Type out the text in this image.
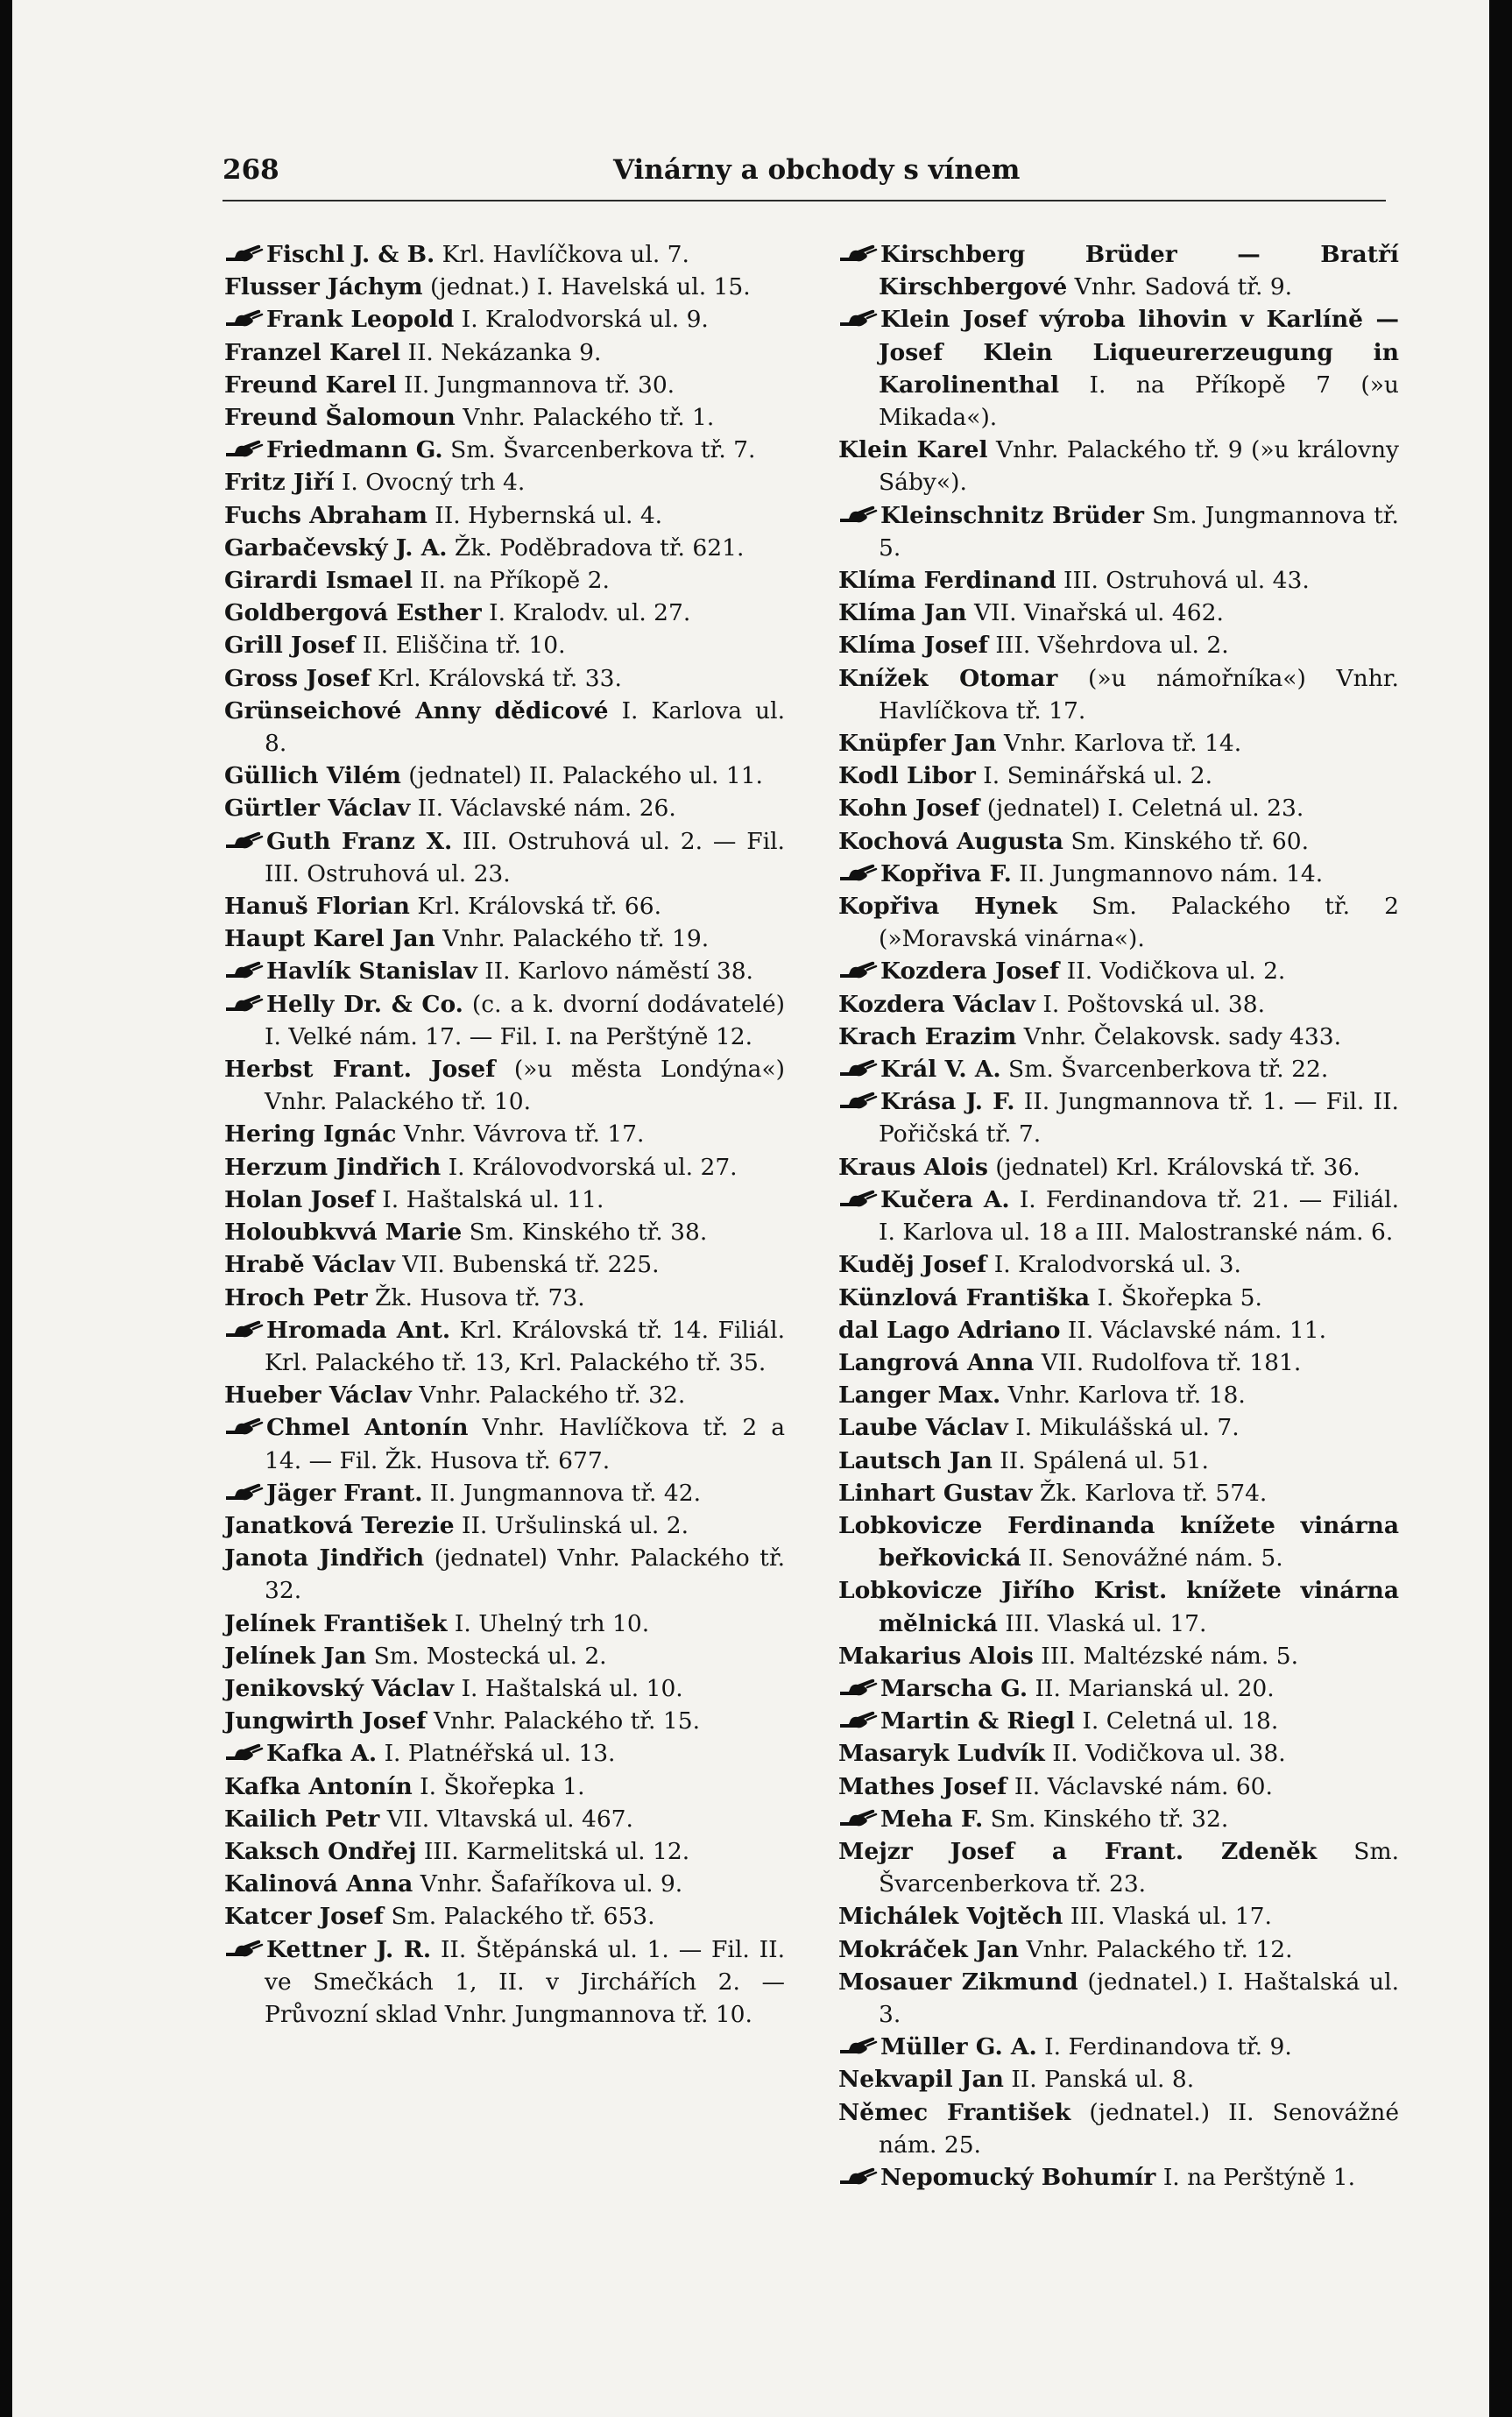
268	Vinárny a obchody s vínem

Fischl J. & B. Krl. Havlíčkova ul. 7.

Flusser Jáchym (jednat.) I. Havelská ul. 15.

Frank Leopold I. Kralodvorská ul. 9.

Franzel Karel II. Nekázanka 9.

Freund Karel II. Jungmannova tř. 30.

Freund Šalomoun Vnhr. Palackého tř. 1.

Friedmann G. Sm. Švarcenberkova tř. 7.

Fritz Jiří I. Ovocný trh 4.

Fuchs Abraham II. Hybernská ul. 4.

Garbačevský J. A. Žk. Poděbradova tř. 621.

Girardi Ismael II. na Příkopě 2.

Goldbergová Esther I. Kralodv. ul. 27.

Grill Josef II. Eliščina tř. 10.

Gross Josef Krl. Královská tř. 33.

Grünseichové Anny dědicové I. Karlova ul. 8.

Güllich Vilém (jednatel) II. Palackého ul. 11.

Gürtler Václav II. Václavské nám. 26.

Guth Franz X. III. Ostruhová ul. 2. — Fil. III. Ostruhová ul. 23.

Hanuš Florian Krl. Královská tř. 66.

Haupt Karel Jan Vnhr. Palackého tř. 19.

Havlík Stanislav II. Karlovo náměstí 38.

Helly Dr. & Co. (c. a k. dvorní dodávatelé) I. Velké nám. 17. — Fil. I. na Perštýně 12.

Herbst Frant. Josef (»u města Londýna«) Vnhr. Palackého tř. 10.

Hering Ignác Vnhr. Vávrova tř. 17.

Herzum Jindřich I. Královodvorská ul. 27.

Holan Josef I. Haštalská ul. 11.

Holoubkvvá Marie Sm. Kinského tř. 38.

Hrabě Václav VII. Bubenská tř. 225.

Hroch Petr Žk. Husova tř. 73.

Hromada Ant. Krl. Královská tř. 14. Filiál. Krl. Palackého tř. 13, Krl. Palackého tř. 35.

Hueber Václav Vnhr. Palackého tř. 32.

Chmel Antonín Vnhr. Havlíčkova tř. 2 a 14. — Fil. Žk. Husova tř. 677.

Jäger Frant. II. Jungmannova tř. 42.

Janatková Terezie II. Uršulinská ul. 2.

Janota Jindřich (jednatel) Vnhr. Palackého tř. 32.

Jelínek František I. Uhelný trh 10.

Jelínek Jan Sm. Mostecká ul. 2.

Jenikovský Václav I. Haštalská ul. 10.

Jungwirth Josef Vnhr. Palackého tř. 15.

Kafka A. I. Platnéřská ul. 13.

Kafka Antonín I. Škořepka 1.

Kailich Petr VII. Vltavská ul. 467.

Kaksch Ondřej III. Karmelitská ul. 12.

Kalinová Anna Vnhr. Šafaříkova ul. 9.

Katcer Josef Sm. Palackého tř. 653.

Kettner J. R. II. Štěpánská ul. 1. — Fil. II. ve Smečkách 1, II. v Jirchářích 2. — Průvozní sklad Vnhr. Jungmannova tř. 10.

Kirschberg Brüder — Bratří Kirschbergové Vnhr. Sadová tř. 9.

Klein Josef výroba lihovin v Karlíně — Josef Klein Liqueurerzeugung in Karolinenthal I. na Příkopě 7 (»u Mikada«).

Klein Karel Vnhr. Palackého tř. 9 (»u královny Sáby«).

Kleinschnitz Brüder Sm. Jungmannova tř. 5.

Klíma Ferdinand III. Ostruhová ul. 43.

Klíma Jan VII. Vinařská ul. 462.

Klíma Josef III. Všehrdova ul. 2.

Knížek Otomar (»u námořníka«) Vnhr. Havlíčkova tř. 17.

Knüpfer Jan Vnhr. Karlova tř. 14.

Kodl Libor I. Seminářská ul. 2.

Kohn Josef (jednatel) I. Celetná ul. 23.

Kochová Augusta Sm. Kinského tř. 60.

Kopřiva F. II. Jungmannovo nám. 14.

Kopřiva Hynek Sm. Palackého tř. 2 (»Moravská vinárna«).

Kozdera Josef II. Vodičkova ul. 2.

Kozdera Václav I. Poštovská ul. 38.

Krach Erazim Vnhr. Čelakovsk. sady 433.

Král V. A. Sm. Švarcenberkova tř. 22.

Krása J. F. II. Jungmannova tř. 1. — Fil. II. Pořičská tř. 7.

Kraus Alois (jednatel) Krl. Královská tř. 36.

Kučera A. I. Ferdinandova tř. 21. — Filiál. I. Karlova ul. 18 a III. Malostranské nám. 6.

Kuděj Josef I. Kralodvorská ul. 3.

Künzlová Františka I. Škořepka 5.

dal Lago Adriano II. Václavské nám. 11.

Langrová Anna VII. Rudolfova tř. 181.

Langer Max. Vnhr. Karlova tř. 18.

Laube Václav I. Mikulášská ul. 7.

Lautsch Jan II. Spálená ul. 51.

Linhart Gustav Žk. Karlova tř. 574.

Lobkovicze Ferdinanda knížete vinárna beřkovická II. Senovážné nám. 5.

Lobkovicze Jiřího Krist. knížete vinárna mělnická III. Vlaská ul. 17.

Makarius Alois III. Maltézské nám. 5.

Marscha G. II. Marianská ul. 20.

Martin & Riegl I. Celetná ul. 18.

Masaryk Ludvík II. Vodičkova ul. 38.

Mathes Josef II. Václavské nám. 60.

Meha F. Sm. Kinského tř. 32.

Mejzr Josef a Frant. Zdeněk Sm. Švarcenberkova tř. 23.

Michálek Vojtěch III. Vlaská ul. 17.

Mokráček Jan Vnhr. Palackého tř. 12.

Mosauer Zikmund (jednatel.) I. Haštalská ul. 3.

Müller G. A. I. Ferdinandova tř. 9.

Nekvapil Jan II. Panská ul. 8.

Němec František (jednatel.) II. Senovážné nám. 25.

Nepomucký Bohumír I. na Perštýně 1.
